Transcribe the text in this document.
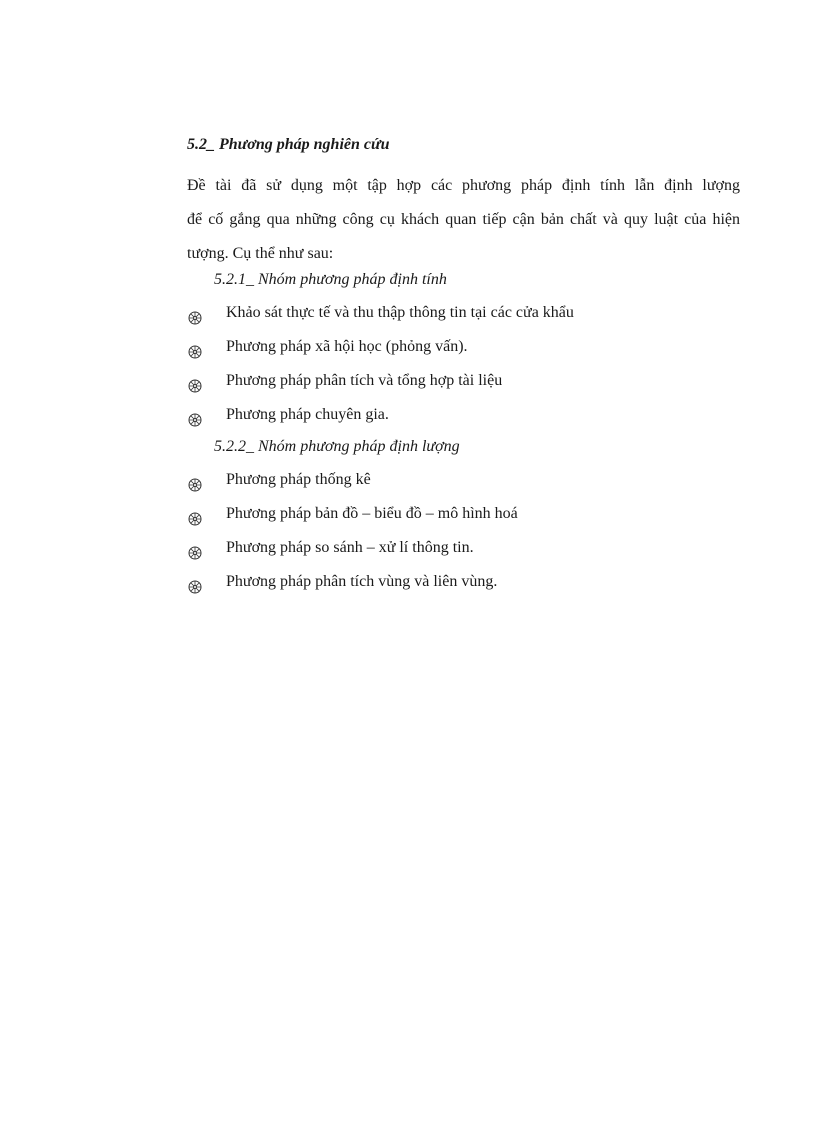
5.2_ Phương pháp nghiên cứu
Đề tài đã sử dụng một tập hợp các phương pháp định tính lẫn định lượng
để cố gắng qua những công cụ khách quan tiếp cận bản chất và quy luật của hiện
tượng. Cụ thể như sau:
5.2.1_ Nhóm phương pháp định tính
Khảo sát thực tế và thu thập thông tin tại các cửa khẩu
Phương pháp xã hội học (phỏng vấn).
Phương pháp phân tích và tổng hợp tài liệu
Phương pháp chuyên gia.
5.2.2_ Nhóm phương pháp định lượng
Phương pháp thống kê
Phương pháp bản đồ – biểu đồ – mô hình hoá
Phương pháp so sánh – xử lí thông tin.
Phương pháp phân tích vùng và liên vùng.
